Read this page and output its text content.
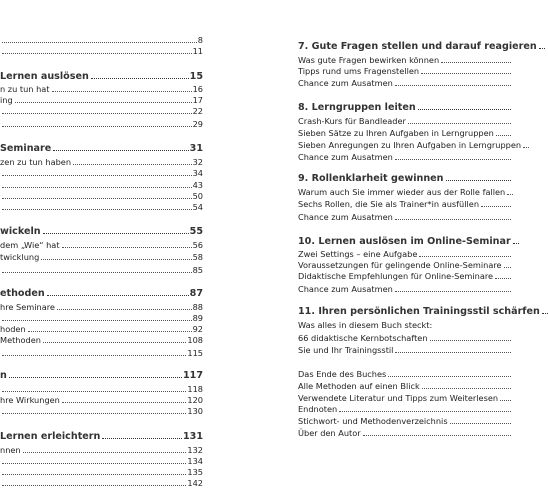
8
11
Lernen auslösen	15
n zu tun hat	16
ing	17
22
29
Seminare	31
zen zu tun haben	32
34
43
50
54
wickeln	55
dem „Wie“ hat	56
twicklung	58
85
ethoden	87
hre Seminare	88
89
hoden	92
Methoden	108
115
n	117
118
hre Wirkungen	120
130
Lernen erleichtern	131
nnen	132
134
135
142
7. Gute Fragen stellen und darauf reagieren
Was gute Fragen bewirken können
Tipps rund ums Fragenstellen
Chance zum Ausatmen
8. Lerngruppen leiten
Crash-Kurs für Bandleader
Sieben Sätze zu Ihren Aufgaben in Lerngruppen
Sieben Anregungen zu Ihren Aufgaben in Lerngruppen
Chance zum Ausatmen
9. Rollenklarheit gewinnen
Warum auch Sie immer wieder aus der Rolle fallen
Sechs Rollen, die Sie als Trainer*in ausfüllen
Chance zum Ausatmen
10. Lernen auslösen im Online-Seminar
Zwei Settings – eine Aufgabe
Voraussetzungen für gelingende Online-Seminare
Didaktische Empfehlungen für Online-Seminare
Chance zum Ausatmen
11. Ihren persönlichen Trainingsstil schärfen
Was alles in diesem Buch steckt:
66 didaktische Kernbotschaften
Sie und Ihr Trainingsstil
Das Ende des Buches
Alle Methoden auf einen Blick
Verwendete Literatur und Tipps zum Weiterlesen
Endnoten
Stichwort- und Methodenverzeichnis
Über den Autor
